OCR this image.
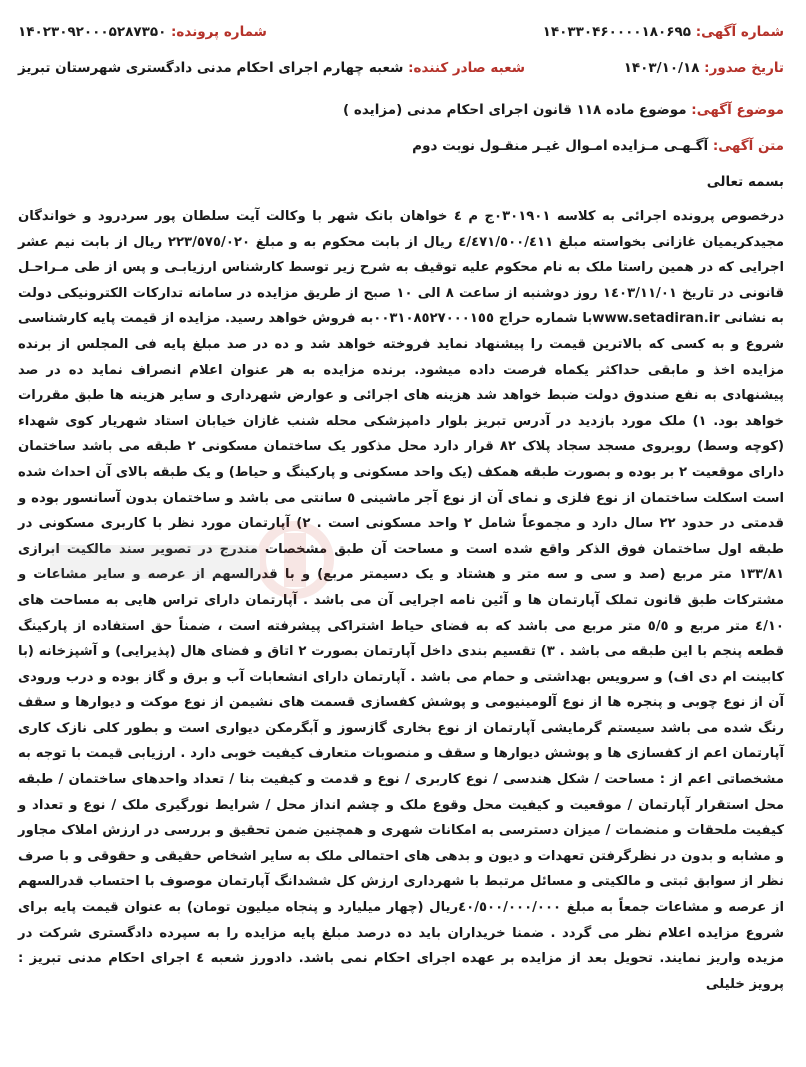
شماره آگهی: ۱۴۰۳۳۰۴۶۰۰۰۰۱۸۰۶۹۵
شماره پرونده: ۱۴۰۲۳۰۹۲۰۰۰۵۲۸۷۳۵۰
تاریخ صدور: ۱۴۰۳/۱۰/۱۸
شعبه صادر کننده: شعبه چهارم اجرای احکام مدنی دادگستری شهرستان تبریز
موضوع آگهی: موضوع ماده ۱۱۸ قانون اجرای احکام مدنی (مزایده )
متن آگهی: آگـهـی مـزایده امـوال غیـر منقـول نوبت دوم
بسمه تعالی
درخصوص پرونده اجرائی به کلاسه ۰۳۰۱۹۰۱ج م ٤ خواهان بانک شهر با وکالت آیت سلطان پور سردرود و خواندگان مجیدکریمیان غازانی بخواسته مبلغ ٤/٤٧١/٥٠٠/٤١١ ریال از بابت محکوم به و مبلغ ٢٢٣/٥٧٥/٠٢٠ ریال از بابت نیم عشر اجرایی که در همین راستا ملک به نام محکوم علیه توقیف به شرح زیر توسط کارشناس ارزیابـی و پس از طی مـراحـل قانونی در تاریخ ١٤٠٣/١١/٠١ روز دوشنبه از ساعت ٨ الی ١٠ صبح از طریق مزایده در سامانه تدارکات الکترونیکی دولت به نشانی www.setadiran.irبا شماره حراج ٠٠٣١٠٨٥٢٧٠٠٠١٥٥به فروش خواهد رسید. مزایده از قیمت پایه کارشناسی شروع و به کسی که بالاترین قیمت را پیشنهاد نماید فروخته خواهد شد و ده در صد مبلغ پایه فی المجلس از برنده مزایده اخذ و مابقی حداکثر یکماه فرصت داده میشود. برنده مزایده به هر عنوان اعلام انصراف نماید ده در صد پیشنهادی به نفع صندوق دولت ضبط خواهد شد هزینه های اجرائی و عوارض شهرداری و سایر هزینه ها طبق مقررات خواهد بود. ١) ملک مورد بازدید در آدرس تبریز بلوار دامپزشکی محله شنب غازان خیابان استاد شهریار کوی شهداء (کوچه وسط) روبروی مسجد سجاد پلاک ٨٢ قرار دارد محل مذکور یک ساختمان مسکونی ٢ طبقه می باشد ساختمان دارای موقعیت ٢ بر بوده و بصورت طبقه همکف (یک واحد مسکونی و پارکینگ و حیاط) و یک طبقه بالای آن احداث شده است اسکلت ساختمان از نوع فلزی و نمای آن از نوع آجر ماشینی ٥ سانتی می باشد و ساختمان بدون آسانسور بوده و قدمتی در حدود ٢٢ سال دارد و مجموعاً شامل ٢ واحد مسکونی است . ٢) آپارتمان مورد نظر با کاربری مسکونی در طبقه اول ساختمان فوق الذکر واقع شده است و مساحت آن طبق مشخصات مندرج در تصویر سند مالکیت ابرازی ١٣٣/٨١ متر مربع (صد و سی و سه متر و هشتاد و یک دسیمتر مربع) و با قدرالسهم از عرصه و سایر مشاعات و مشترکات طبق قانون تملک آپارتمان ها و آئین نامه اجرایی آن می باشد . آپارتمان دارای تراس هایی به مساحت های ٤/١٠ متر مربع و ٥/٥ متر مربع می باشد که به فضای حیاط اشتراکی پیشرفته است ، ضمناً حق استفاده از پارکینگ قطعه پنجم با این طبقه می باشد . ٣) تقسیم بندی داخل آپارتمان بصورت ٢ اتاق و فضای هال (پذیرایی) و آشپزخانه (با کابینت ام دی اف) و سرویس بهداشتی و حمام می باشد . آپارتمان دارای انشعابات آب و برق و گاز بوده و درب ورودی آن از نوع چوبی و پنجره ها از نوع آلومینیومی و پوشش کفسازی قسمت های نشیمن از نوع موکت و دیوارها و سقف رنگ شده می باشد سیستم گرمایشی آپارتمان از نوع بخاری گازسوز و آبگرمکن دیواری است و بطور کلی نازک کاری آپارتمان اعم از کفسازی ها و پوشش دیوارها و سقف و منصوبات متعارف کیفیت خوبی دارد . ارزیابی قیمت با توجه به مشخصاتی اعم از : مساحت / شکل هندسی / نوع کاربری / نوع و قدمت و کیفیت بنا / تعداد واحدهای ساختمان / طبقه محل استقرار آپارتمان / موقعیت و کیفیت محل وقوع ملک و چشم انداز محل / شرایط نورگیری ملک / نوع و تعداد و کیفیت ملحقات و منضمات / میزان دسترسی به امکانات شهری و همچنین ضمن تحقیق و بررسی در ارزش املاک مجاور و مشابه و بدون در نظرگرفتن تعهدات و دیون و بدهی های احتمالی ملک به سایر اشخاص حقیقی و حقوقی و با صرف نظر از سوابق ثبتی و مالکیتی و مسائل مرتبط با شهرداری ارزش کل ششدانگ آپارتمان موصوف با احتساب قدرالسهم از عرصه و مشاعات جمعاً به مبلغ ٤٠/٥٠٠/٠٠٠/٠٠٠ریال (چهار میلیارد و پنجاه میلیون تومان) به عنوان قیمت پایه برای شروع مزایده اعلام نظر می گردد . ضمنا خریداران باید ده درصد مبلغ پایه مزایده را به سپرده دادگستری شرکت در مزیده واریز نمایند. تحویل بعد از مزایده بر عهده اجرای احکام نمی باشد. دادورز شعبه ٤ اجرای احکام مدنی تبریز : پرویز خلیلی
